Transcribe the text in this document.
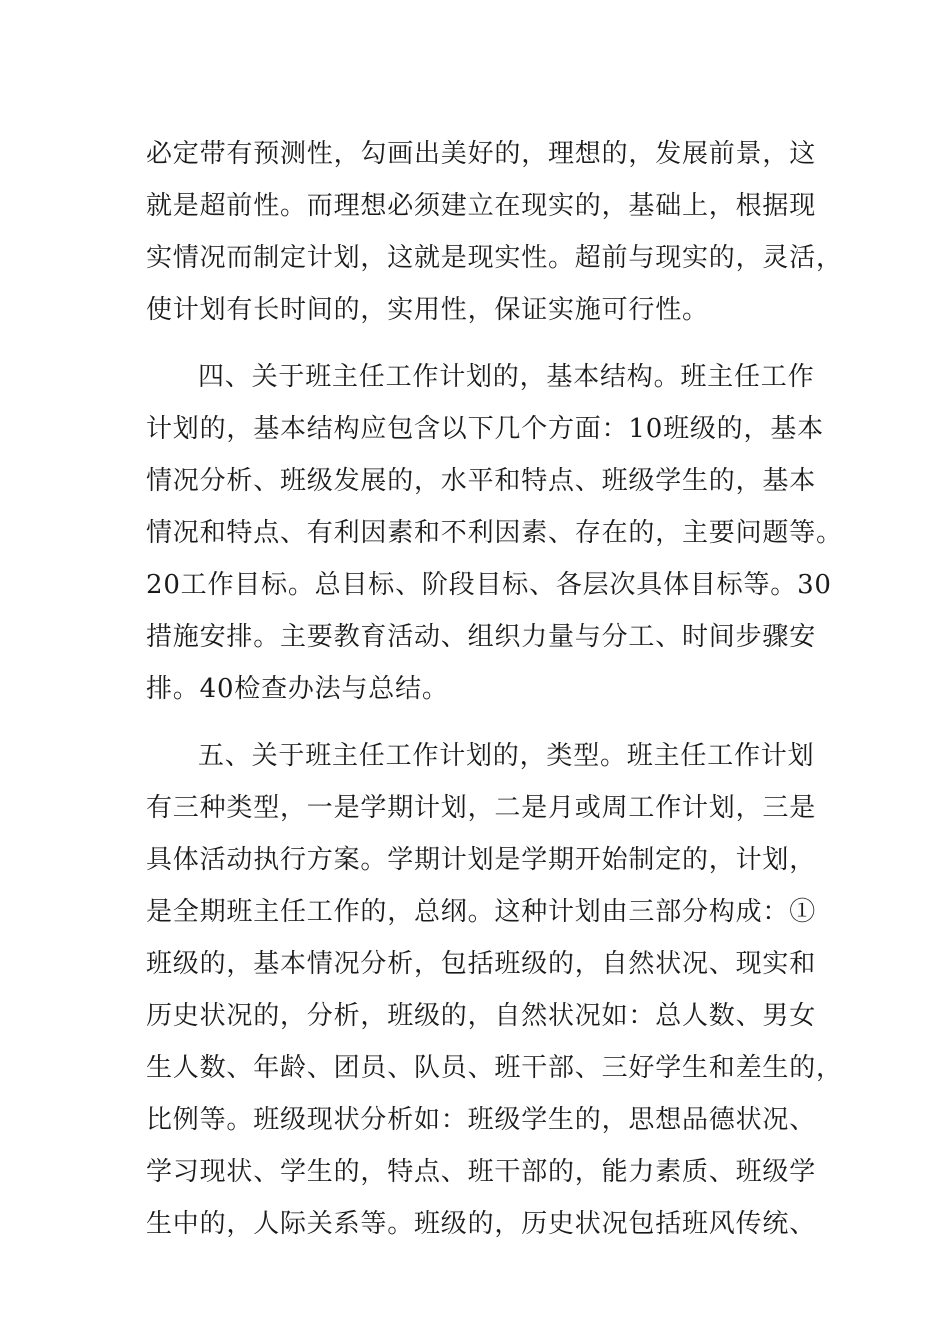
必定带有预测性，勾画出美好的，理想的，发展前景，这
就是超前性。而理想必须建立在现实的，基础上，根据现
实情况而制定计划，这就是现实性。超前与现实的，灵活，
使计划有长时间的，实用性，保证实施可行性。
四、关于班主任工作计划的，基本结构。班主任工作
计划的，基本结构应包含以下几个方面：10班级的，基本
情况分析、班级发展的，水平和特点、班级学生的，基本
情况和特点、有利因素和不利因素、存在的，主要问题等。
20工作目标。总目标、阶段目标、各层次具体目标等。30
措施安排。主要教育活动、组织力量与分工、时间步骤安
排。40检查办法与总结。
五、关于班主任工作计划的，类型。班主任工作计划
有三种类型，一是学期计划，二是月或周工作计划，三是
具体活动执行方案。学期计划是学期开始制定的，计划，
是全期班主任工作的，总纲。这种计划由三部分构成：①
班级的，基本情况分析，包括班级的，自然状况、现实和
历史状况的，分析，班级的，自然状况如：总人数、男女
生人数、年龄、团员、队员、班干部、三好学生和差生的，
比例等。班级现状分析如：班级学生的，思想品德状况、
学习现状、学生的，特点、班干部的，能力素质、班级学
生中的，人际关系等。班级的，历史状况包括班风传统、
